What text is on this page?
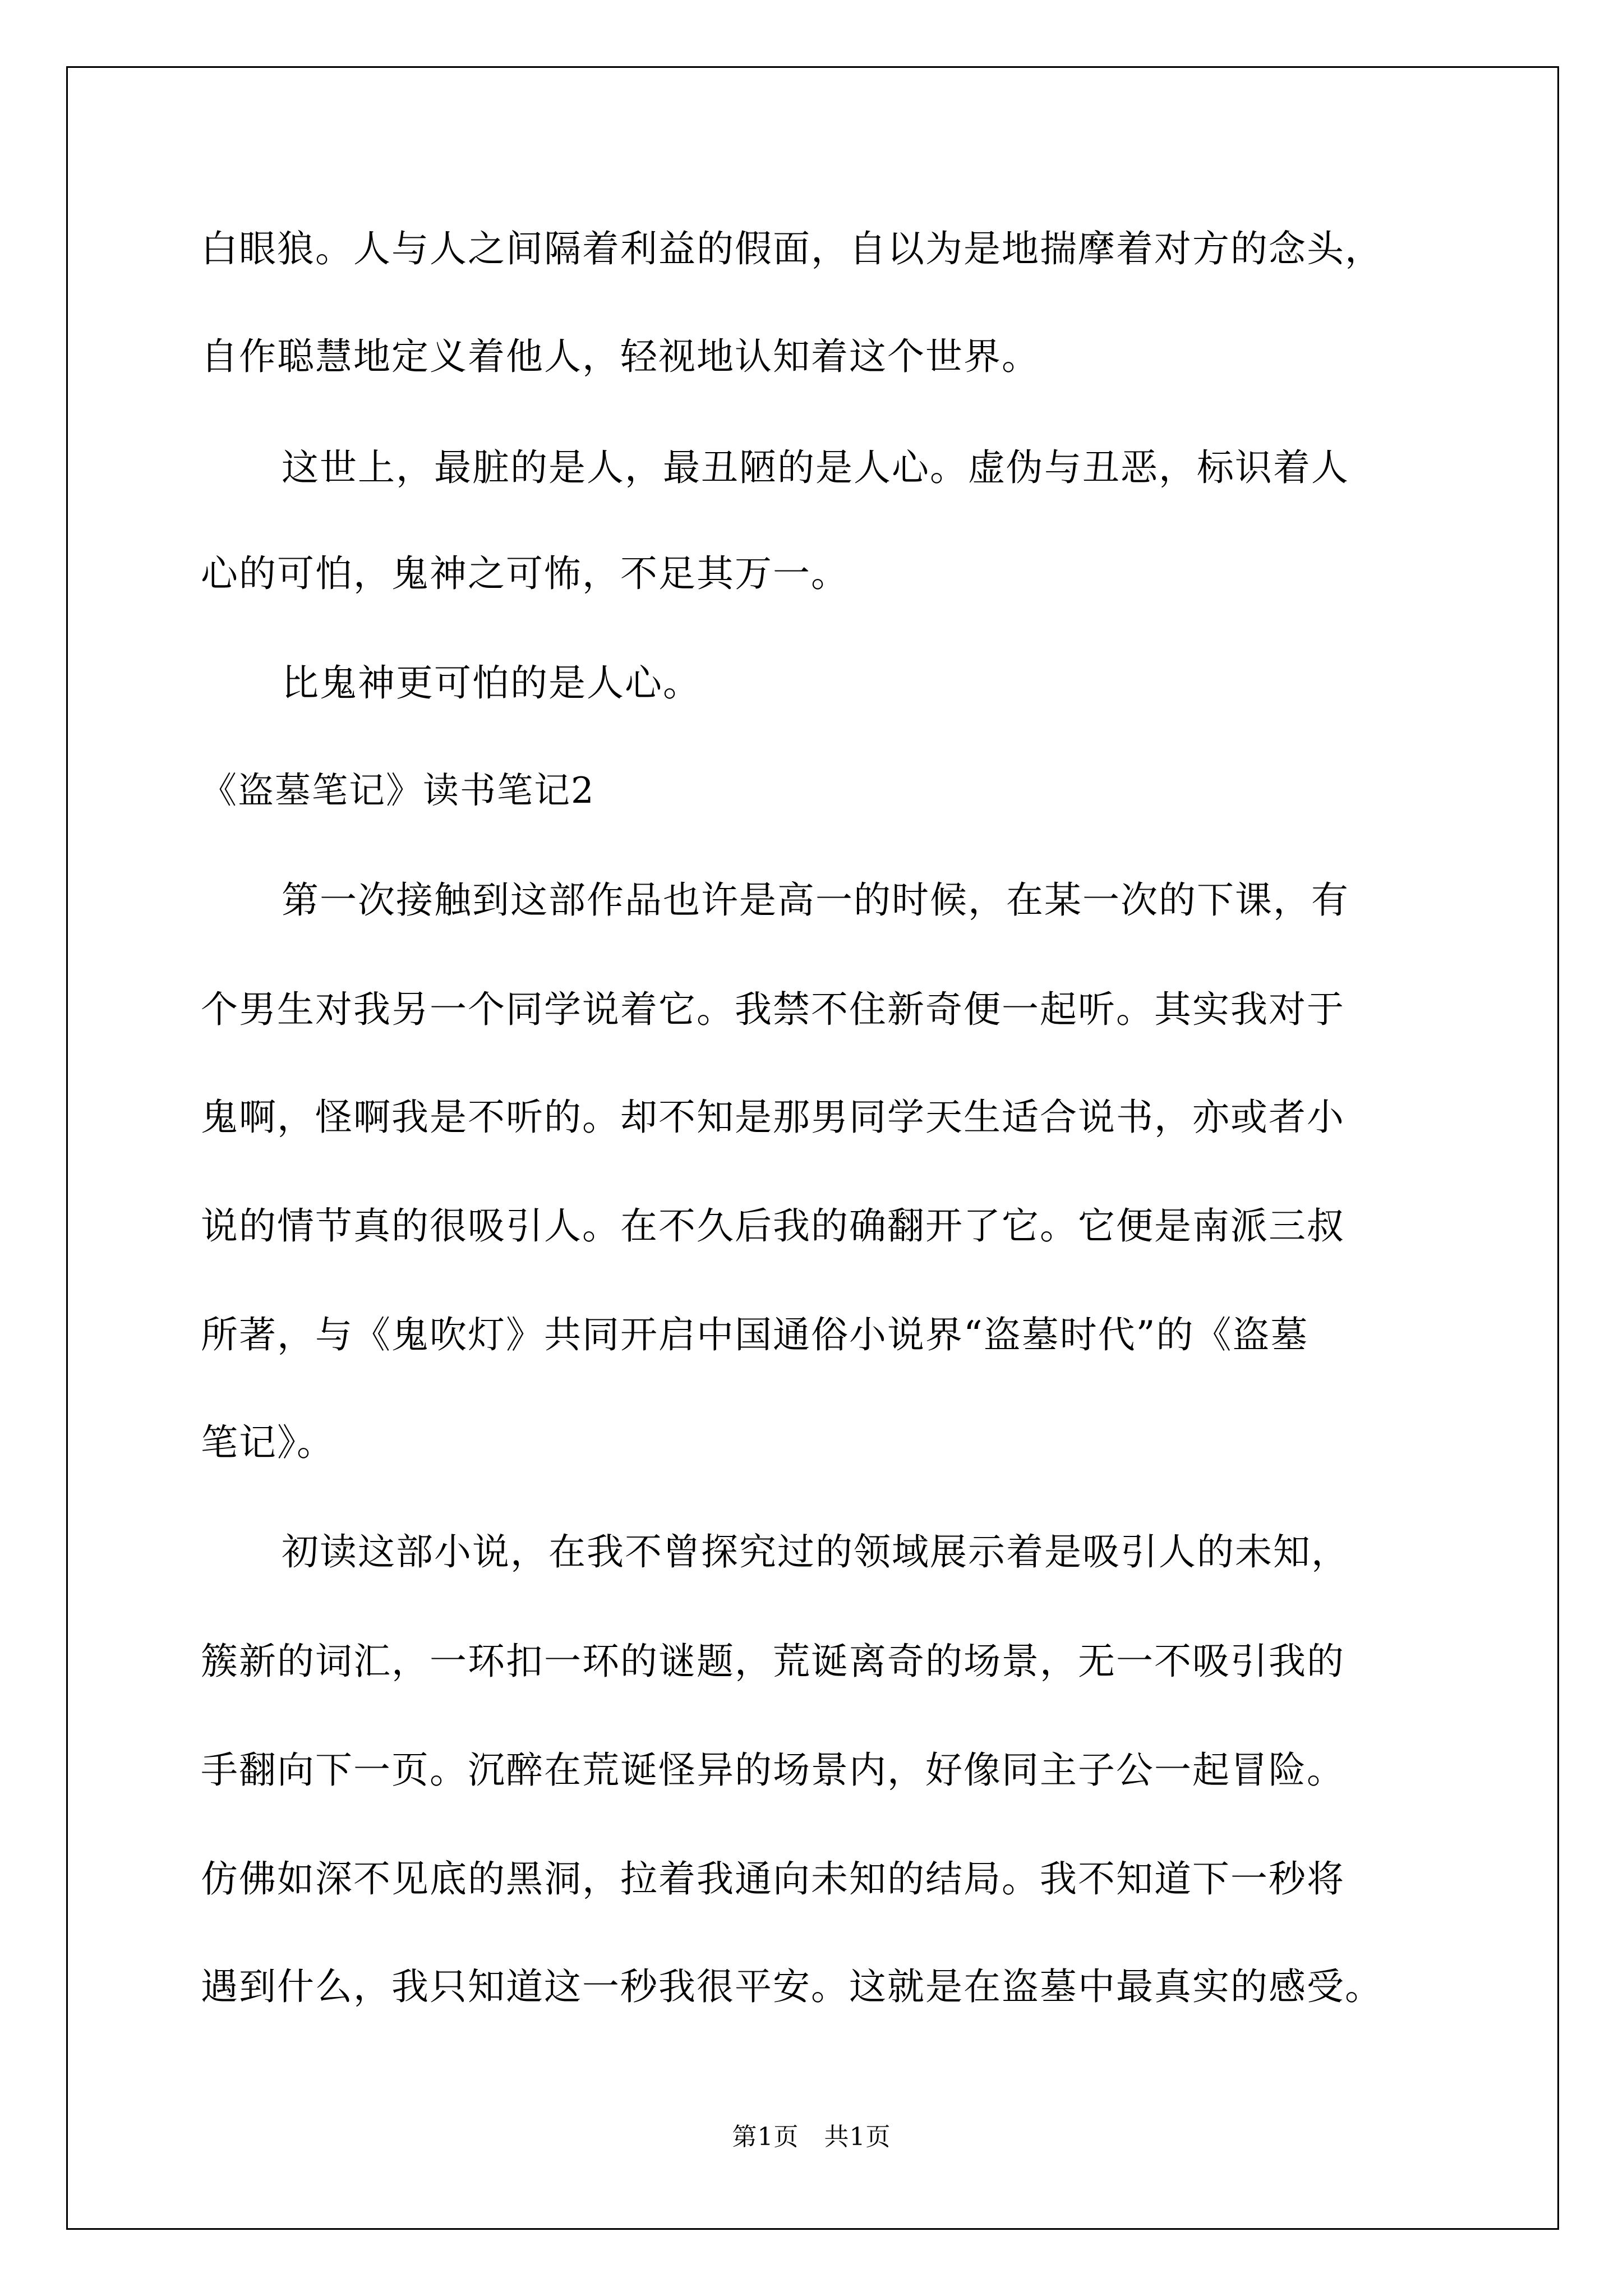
白眼狼。人与人之间隔着利益的假面，自以为是地揣摩着对方的念头，
自作聪慧地定义着他人，轻视地认知着这个世界。
这世上，最脏的是人，最丑陋的是人心。虚伪与丑恶，标识着人
心的可怕，鬼神之可怖，不足其万一。
比鬼神更可怕的是人心。
《盗墓笔记》读书笔记2
第一次接触到这部作品也许是高一的时候，在某一次的下课，有
个男生对我另一个同学说着它。我禁不住新奇便一起听。其实我对于
鬼啊，怪啊我是不听的。却不知是那男同学天生适合说书，亦或者小
说的情节真的很吸引人。在不久后我的确翻开了它。它便是南派三叔
所著，与《鬼吹灯》共同开启中国通俗小说界“盗墓时代”的《盗墓
笔记》。
初读这部小说，在我不曾探究过的领域展示着是吸引人的未知，
簇新的词汇，一环扣一环的谜题，荒诞离奇的场景，无一不吸引我的
手翻向下一页。沉醉在荒诞怪异的场景内，好像同主子公一起冒险。
仿佛如深不见底的黑洞，拉着我通向未知的结局。我不知道下一秒将
遇到什么，我只知道这一秒我很平安。这就是在盗墓中最真实的感受。
第1页　共1页
